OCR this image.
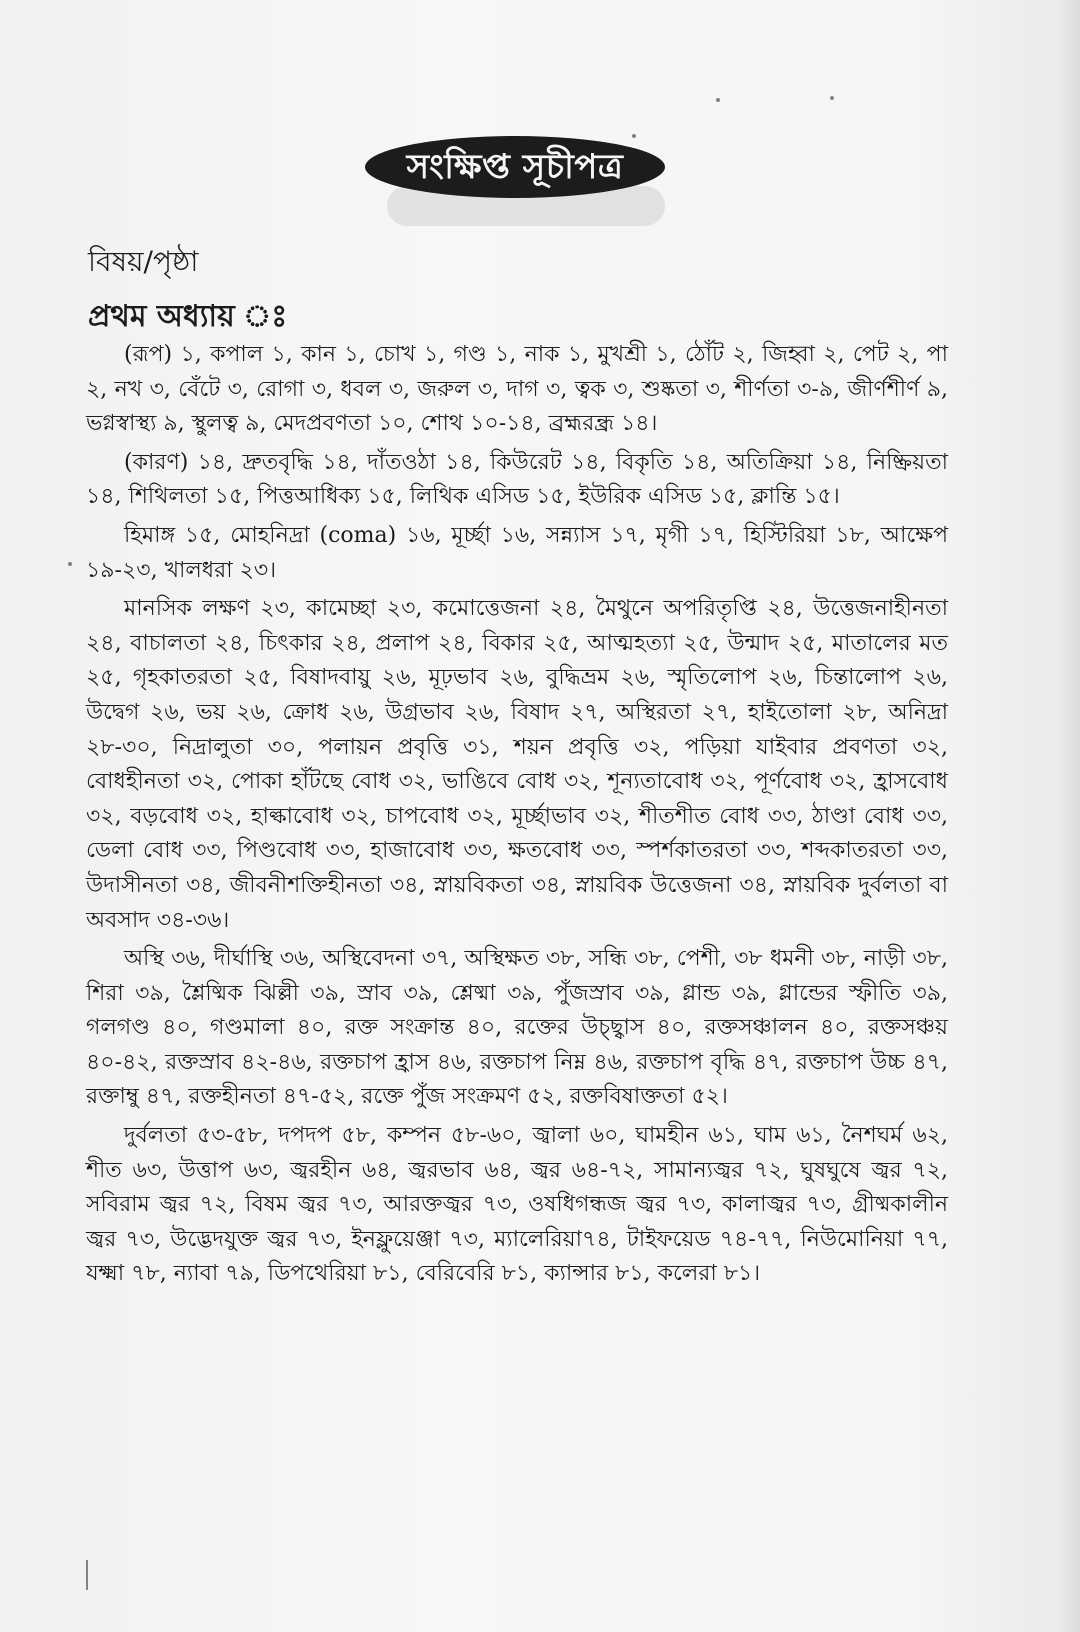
সংক্ষিপ্ত সূচীপত্র
বিষয়/পৃষ্ঠা
প্রথম অধ্যায় ঃ

(রূপ) ১, কপাল ১, কান ১, চোখ ১, গণ্ড ১, নাক ১, মুখশ্রী ১, ঠোঁট ২, জিহ্বা ২, পেট ২, পা ২, নখ ৩, বেঁটে ৩, রোগা ৩, ধবল ৩, জরুল ৩, দাগ ৩, ত্বক ৩, শুষ্কতা ৩, শীর্ণতা ৩-৯, জীর্ণশীর্ণ ৯, ভগ্নস্বাস্থ্য ৯, স্থুলত্ব ৯, মেদপ্রবণতা ১০, শোথ ১০-১৪, ব্রহ্মরন্ধ্র ১৪।

(কারণ) ১৪, দ্রুতবৃদ্ধি ১৪, দাঁতওঠা ১৪, কিউরেট ১৪, বিকৃতি ১৪, অতিক্রিয়া ১৪, নিষ্ক্রিয়তা ১৪, শিথিলতা ১৫, পিত্তআধিক্য ১৫, লিথিক এসিড ১৫, ইউরিক এসিড ১৫, ক্লান্তি ১৫।

হিমাঙ্গ ১৫, মোহনিদ্রা (coma) ১৬, মূর্চ্ছা ১৬, সন্ন্যাস ১৭, মৃগী ১৭, হিস্টিরিয়া ১৮, আক্ষেপ ১৯-২৩, খালধরা ২৩।

মানসিক লক্ষণ ২৩, কামেচ্ছা ২৩, কমোত্তেজনা ২৪, মৈথুনে অপরিতৃপ্তি ২৪, উত্তেজনাহীনতা ২৪, বাচালতা ২৪, চিৎকার ২৪, প্রলাপ ২৪, বিকার ২৫, আত্মহত্যা ২৫, উন্মাদ ২৫, মাতালের মত ২৫, গৃহকাতরতা ২৫, বিষাদবায়ু ২৬, মূঢ়ভাব ২৬, বুদ্ধিভ্রম ২৬, স্মৃতিলোপ ২৬, চিন্তালোপ ২৬, উদ্বেগ ২৬, ভয় ২৬, ক্রোধ ২৬, উগ্রভাব ২৬, বিষাদ ২৭, অস্থিরতা ২৭, হাইতোলা ২৮, অনিদ্রা ২৮-৩০, নিদ্রালুতা ৩০, পলায়ন প্রবৃত্তি ৩১, শয়ন প্রবৃত্তি ৩২, পড়িয়া যাইবার প্রবণতা ৩২, বোধহীনতা ৩২, পোকা হাঁটছে বোধ ৩২, ভাঙিবে বোধ ৩২, শূন্যতাবোধ ৩২, পূর্ণবোধ ৩২, হ্রাসবোধ ৩২, বড়বোধ ৩২, হাল্কাবোধ ৩২, চাপবোধ ৩২, মূর্চ্ছাভাব ৩২, শীতশীত বোধ ৩৩, ঠাণ্ডা বোধ ৩৩, ডেলা বোধ ৩৩, পিণ্ডবোধ ৩৩, হাজাবোধ ৩৩, ক্ষতবোধ ৩৩, স্পর্শকাতরতা ৩৩, শব্দকাতরতা ৩৩, উদাসীনতা ৩৪, জীবনীশক্তিহীনতা ৩৪, স্নায়বিকতা ৩৪, স্নায়বিক উত্তেজনা ৩৪, স্নায়বিক দুর্বলতা বা অবসাদ ৩৪-৩৬।

অস্থি ৩৬, দীর্ঘাস্থি ৩৬, অস্থিবেদনা ৩৭, অস্থিক্ষত ৩৮, সন্ধি ৩৮, পেশী, ৩৮ ধমনী ৩৮, নাড়ী ৩৮, শিরা ৩৯, শ্লৈষ্মিক ঝিল্লী ৩৯, স্রাব ৩৯, শ্লেষ্মা ৩৯, পুঁজস্রাব ৩৯, গ্লান্ড ৩৯, গ্লান্ডের স্ফীতি ৩৯, গলগণ্ড ৪০, গণ্ডমালা ৪০, রক্ত সংক্রান্ত ৪০, রক্তের উচ্ছ্বাস ৪০, রক্তসঞ্চালন ৪০, রক্তসঞ্চয় ৪০-৪২, রক্তস্রাব ৪২-৪৬, রক্তচাপ হ্রাস ৪৬, রক্তচাপ নিম্ন ৪৬, রক্তচাপ বৃদ্ধি ৪৭, রক্তচাপ উচ্চ ৪৭, রক্তাম্বু ৪৭, রক্তহীনতা ৪৭-৫২, রক্তে পুঁজ সংক্রমণ ৫২, রক্তবিষাক্ততা ৫২।

দুর্বলতা ৫৩-৫৮, দপদপ ৫৮, কম্পন ৫৮-৬০, জ্বালা ৬০, ঘামহীন ৬১, ঘাম ৬১, নৈশঘর্ম ৬২, শীত ৬৩, উত্তাপ ৬৩, জ্বরহীন ৬৪, জ্বরভাব ৬৪, জ্বর ৬৪-৭২, সামান্যজ্বর ৭২, ঘুষঘুষে জ্বর ৭২, সবিরাম জ্বর ৭২, বিষম জ্বর ৭৩, আরক্তজ্বর ৭৩, ওষধিগন্ধজ জ্বর ৭৩, কালাজ্বর ৭৩, গ্রীষ্মকালীন জ্বর ৭৩, উদ্ভেদযুক্ত জ্বর ৭৩, ইনফ্লুয়েঞ্জা ৭৩, ম্যালেরিয়া৭৪, টাইফয়েড ৭৪-৭৭, নিউমোনিয়া ৭৭, যক্ষ্মা ৭৮, ন্যাবা ৭৯, ডিপথেরিয়া ৮১, বেরিবেরি ৮১, ক্যান্সার ৮১, কলেরা ৮১।
